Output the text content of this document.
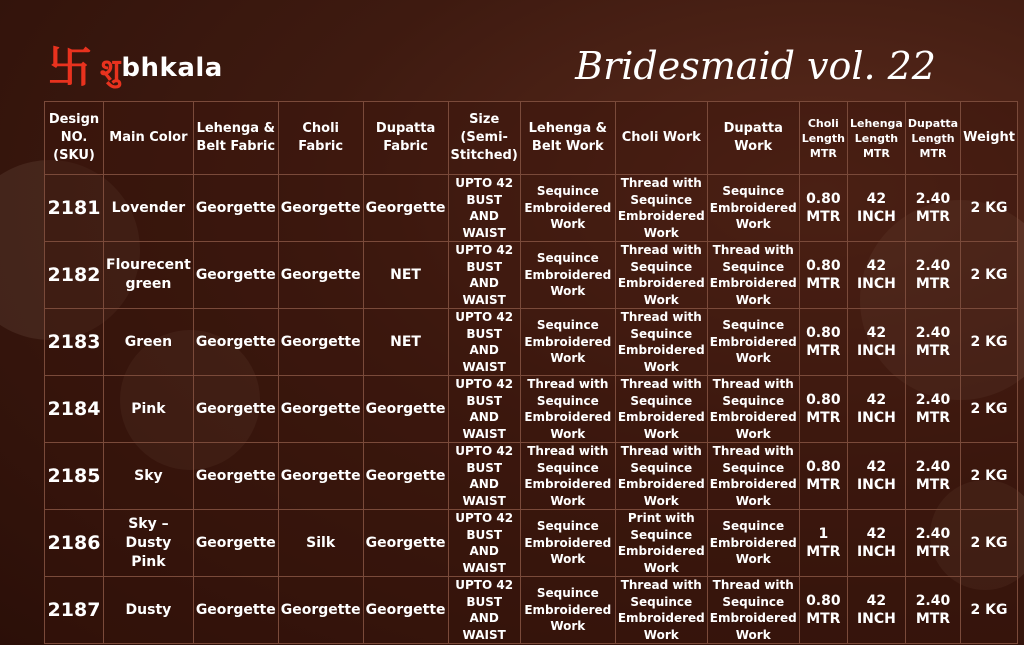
卐 शु bhkala	Bridesmaid vol. 22
Design NO. (SKU)	Main Color	Lehenga & Belt Fabric	Choli Fabric	Dupatta Fabric	Size (Semi-Stitched)	Lehenga & Belt Work	Choli Work	Dupatta Work	Choli Length MTR	Lehenga Length MTR	Dupatta Length MTR	Weight
2181	Lovender	Georgette	Georgette	Georgette	UPTO 42 BUST AND WAIST	Sequince Embroidered Work	Thread with Sequince Embroidered Work	Sequince Embroidered Work	0.80 MTR	42 INCH	2.40 MTR	2 KG
2182	Flourecent green	Georgette	Georgette	NET	UPTO 42 BUST AND WAIST	Sequince Embroidered Work	Thread with Sequince Embroidered Work	Thread with Sequince Embroidered Work	0.80 MTR	42 INCH	2.40 MTR	2 KG
2183	Green	Georgette	Georgette	NET	UPTO 42 BUST AND WAIST	Sequince Embroidered Work	Thread with Sequince Embroidered Work	Sequince Embroidered Work	0.80 MTR	42 INCH	2.40 MTR	2 KG
2184	Pink	Georgette	Georgette	Georgette	UPTO 42 BUST AND WAIST	Thread with Sequince Embroidered Work	Thread with Sequince Embroidered Work	Thread with Sequince Embroidered Work	0.80 MTR	42 INCH	2.40 MTR	2 KG
2185	Sky	Georgette	Georgette	Georgette	UPTO 42 BUST AND WAIST	Thread with Sequince Embroidered Work	Thread with Sequince Embroidered Work	Thread with Sequince Embroidered Work	0.80 MTR	42 INCH	2.40 MTR	2 KG
2186	Sky – Dusty Pink	Georgette	Silk	Georgette	UPTO 42 BUST AND WAIST	Sequince Embroidered Work	Print with Sequince Embroidered Work	Sequince Embroidered Work	1 MTR	42 INCH	2.40 MTR	2 KG
2187	Dusty	Georgette	Georgette	Georgette	UPTO 42 BUST AND WAIST	Sequince Embroidered Work	Thread with Sequince Embroidered Work	Thread with Sequince Embroidered Work	0.80 MTR	42 INCH	2.40 MTR	2 KG
